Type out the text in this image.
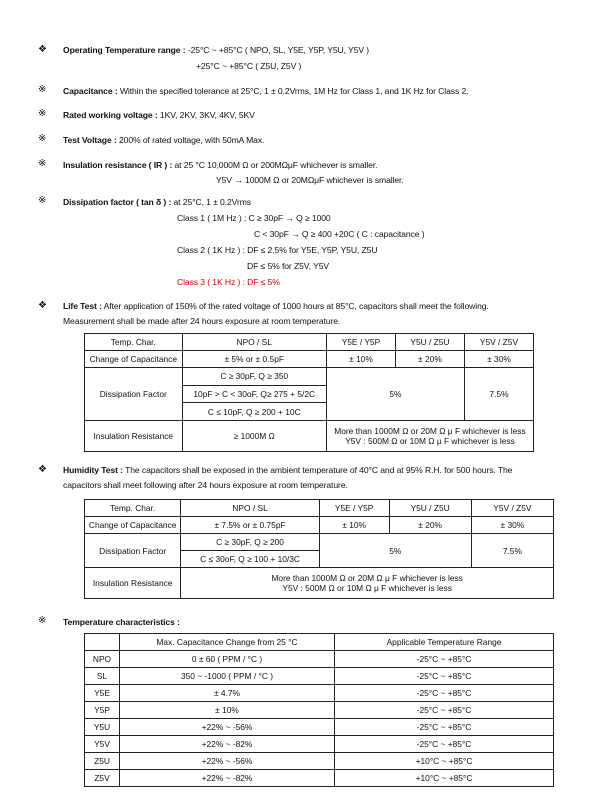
❖ Operating Temperature range : -25°C ~ +85°C ( NPO, SL, Y5E, Y5P, Y5U, Y5V )
+25°C ~ +85°C ( Z5U, Z5V )
※ Capacitance : Within the specified tolerance at 25°C, 1 ± 0.2Vrms, 1M Hz for Class 1, and 1K Hz for Class 2.
※ Rated working voltage : 1KV, 2KV, 3KV, 4KV, 5KV
※ Test Voltage : 200% of rated voltage, with 50mA Max.
※ Insulation resistance ( IR ) : at 25 °C 10,000M Ω or 200MΩμF whichever is smaller.
Y5V → 1000M Ω or 20MΩμF whichever is smaller.
※ Dissipation factor ( tan δ ) : at 25°C, 1 ± 0.2Vrms
Class 1 ( 1M Hz ) : C ≥ 30pF → Q ≥ 1000
C < 30pF → Q ≥ 400 +20C ( C : capacitance )
Class 2 ( 1K Hz ) : DF ≤ 2.5% for Y5E, Y5P, Y5U, Z5U
DF ≤ 5% for Z5V, Y5V
Class 3 ( 1K Hz ) : DF ≤ 5%
❖ Life Test : After application of 150% of the rated voltage of 1000 hours at 85°C, capacitors shall meet the following.
Measurement shall be made after 24 hours exposure at room temperature.
Temp. Char.	NPO / SL	Y5E / Y5P	Y5U / Z5U	Y5V / Z5V
Change of Capacitance	± 5% or ± 0.5pF	± 10%	± 20%	± 30%
Dissipation Factor	C ≥ 30pF, Q ≥ 350	5%		7.5%
	10pF > C < 30oF, Q≥ 275 + 5/2C			
	C ≤ 10pF, Q ≥ 200 + 10C			
Insulation Resistance	≥ 1000M Ω	More than 1000M Ω or 20M Ω μ F whichever is less
Y5V : 500M Ω or 10M Ω μ F whichever is less		
❖ Humidity Test : The capacitors shall be exposed in the ambient temperature of 40°C and at 95% R.H. for 500 hours. The
capacitors shall meet following after 24 hours exposure at room temperature.
Temp. Char.	NPO / SL	Y5E / Y5P	Y5U / Z5U	Y5V / Z5V
Change of Capacitance	± 7.5% or ± 0.75pF	± 10%	± 20%	± 30%
Dissipation Factor	C ≥ 30pF, Q ≥ 200	5%		7.5%
	C ≤ 30oF, Q ≥ 100 + 10/3C			
Insulation Resistance	More than 1000M Ω or 20M Ω μ F whichever is less
Y5V : 500M Ω or 10M Ω μ F whichever is less			
※ Temperature characteristics :
	Max. Capacitance Change from 25 °C	Applicable Temperature Range
NPO	0 ± 60 ( PPM / °C )	-25°C ~ +85°C
SL	350 ~ -1000 ( PPM / °C )	-25°C ~ +85°C
Y5E	± 4.7%	-25°C ~ +85°C
Y5P	± 10%	-25°C ~ +85°C
Y5U	+22% ~ -56%	-25°C ~ +85°C
Y5V	+22% ~ -82%	-25°C ~ +85°C
Z5U	+22% ~ -56%	+10°C ~ +85°C
Z5V	+22% ~ -82%	+10°C ~ +85°C
